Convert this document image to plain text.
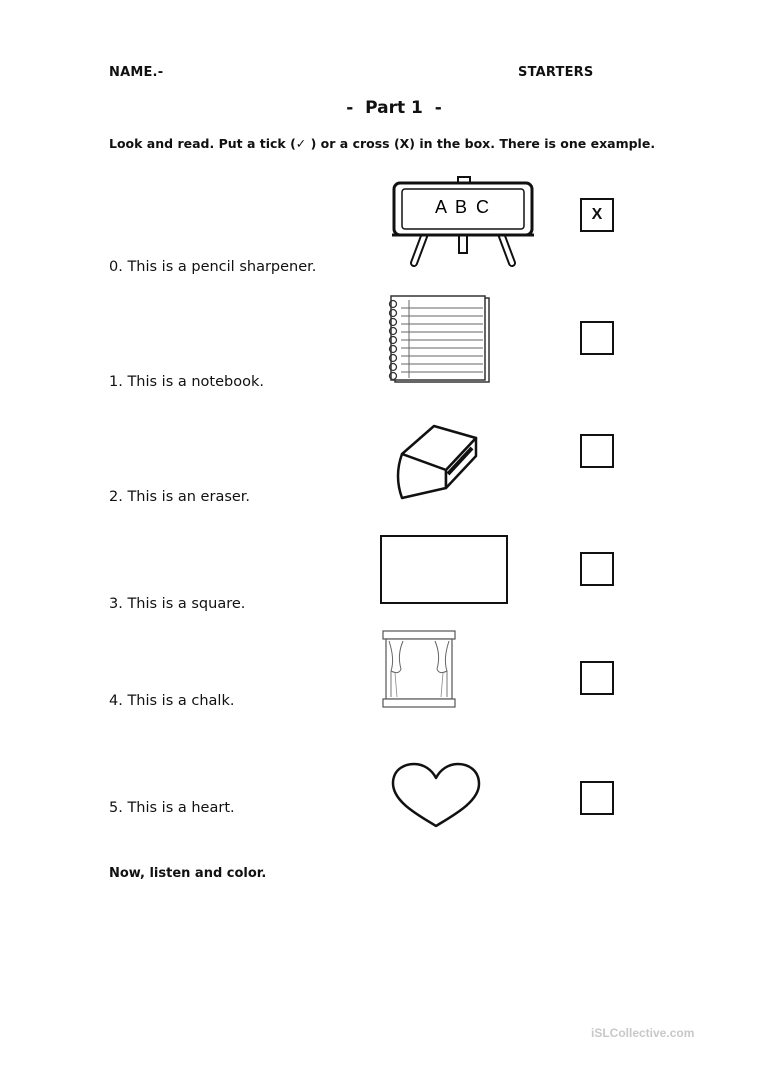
NAME.-	STARTERS
-  Part 1  -
Look and read. Put a tick (✓ ) or a cross (X) in the box. There is one example.
0. This is a pencil sharpener.
A B C	X
1. This is a notebook.
2. This is an eraser.
3. This is a square.
4. This is a chalk.
5. This is a heart.
Now, listen and color.
iSLCollective.com
